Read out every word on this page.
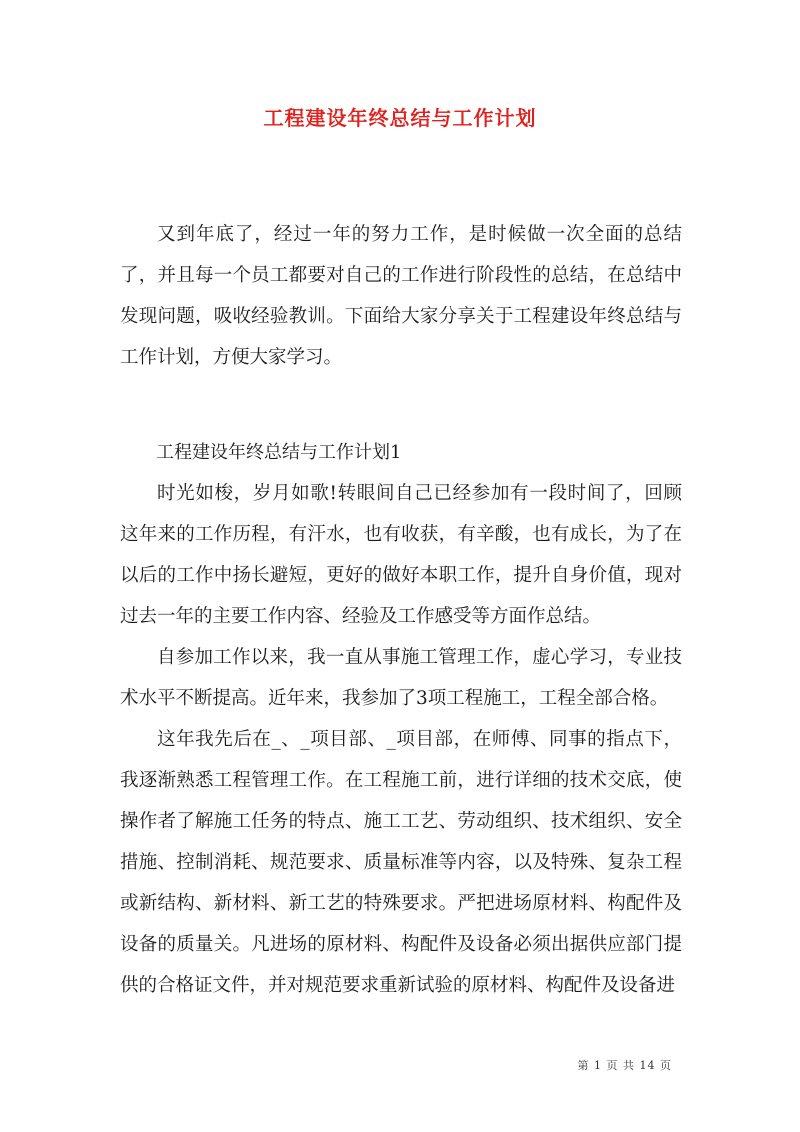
工程建设年终总结与工作计划

又到年底了，经过一年的努力工作，是时候做一次全面的总结了，并且每一个员工都要对自己的工作进行阶段性的总结，在总结中发现问题，吸收经验教训。下面给大家分享关于工程建设年终总结与工作计划，方便大家学习。

工程建设年终总结与工作计划1

时光如梭，岁月如歌!转眼间自己已经参加有一段时间了，回顾这年来的工作历程，有汗水，也有收获，有辛酸，也有成长，为了在以后的工作中扬长避短，更好的做好本职工作，提升自身价值，现对过去一年的主要工作内容、经验及工作感受等方面作总结。

自参加工作以来，我一直从事施工管理工作，虚心学习，专业技术水平不断提高。近年来，我参加了3项工程施工，工程全部合格。

这年我先后在_、_项目部、_项目部，在师傅、同事的指点下，我逐渐熟悉工程管理工作。在工程施工前，进行详细的技术交底，使操作者了解施工任务的特点、施工工艺、劳动组织、技术组织、安全措施、控制消耗、规范要求、质量标准等内容，以及特殊、复杂工程或新结构、新材料、新工艺的特殊要求。严把进场原材料、构配件及设备的质量关。凡进场的原材料、构配件及设备必须出据供应部门提供的合格证文件，并对规范要求重新试验的原材料、构配件及设备进

第 1 页 共 14 页
